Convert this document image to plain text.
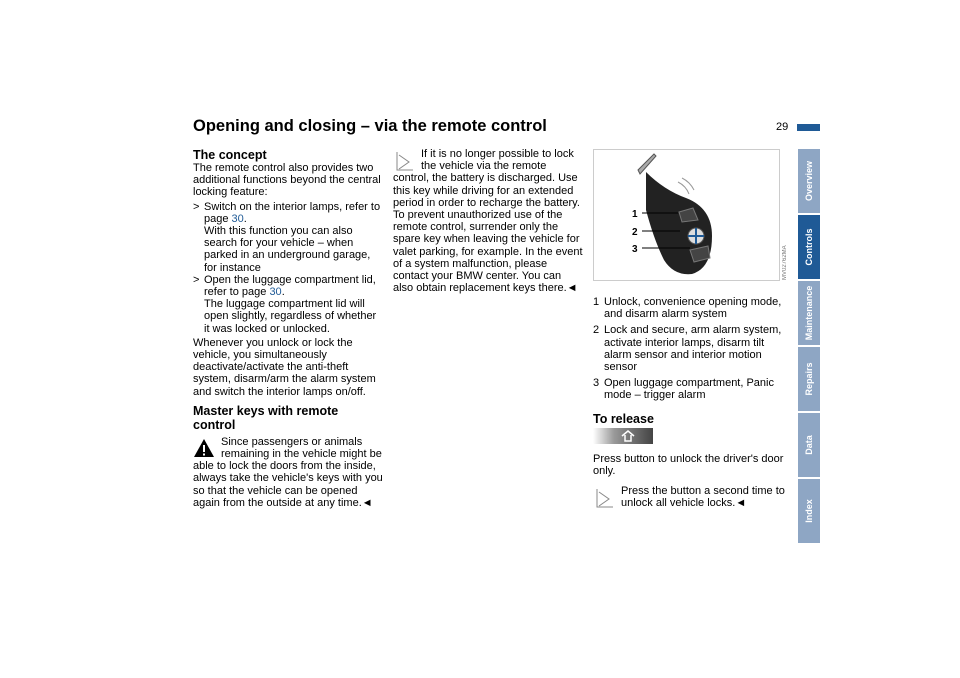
Opening and closing – via the remote control	29
The concept

The remote control also provides two additional functions beyond the central locking feature:

> Switch on the interior lamps, refer to page 30.

With this function you can also search for your vehicle – when parked in an underground garage, for instance

> Open the luggage compartment lid, refer to page 30.

The luggage compartment lid will open slightly, regardless of whether it was locked or unlocked.

Whenever you unlock or lock the vehicle, you simultaneously deactivate/activate the anti-theft system, disarm/arm the alarm system and switch the interior lamps on/off.

Master keys with remote control

Since passengers or animals remaining in the vehicle might be able to lock the doors from the inside, always take the vehicle's keys with you so that the vehicle can be opened again from the outside at any time.◄

If it is no longer possible to lock the vehicle via the remote control, the battery is discharged. Use this key while driving for an extended period in order to recharge the battery. To prevent unauthorized use of the remote control, surrender only the spare key when leaving the vehicle for valet parking, for example. In the event of a system malfunction, please contact your BMW center. You can also obtain replacement keys there.◄

1
2
3	MV02762MA
1 Unlock, convenience opening mode, and disarm alarm system
2 Lock and secure, arm alarm system, activate interior lamps, disarm tilt alarm sensor and interior motion sensor
3 Open luggage compartment, Panic mode – trigger alarm
To release

Press button to unlock the driver's door only.

Press the button a second time to unlock all vehicle locks.◄

Overview
Controls
Maintenance
Repairs
Data
Index
